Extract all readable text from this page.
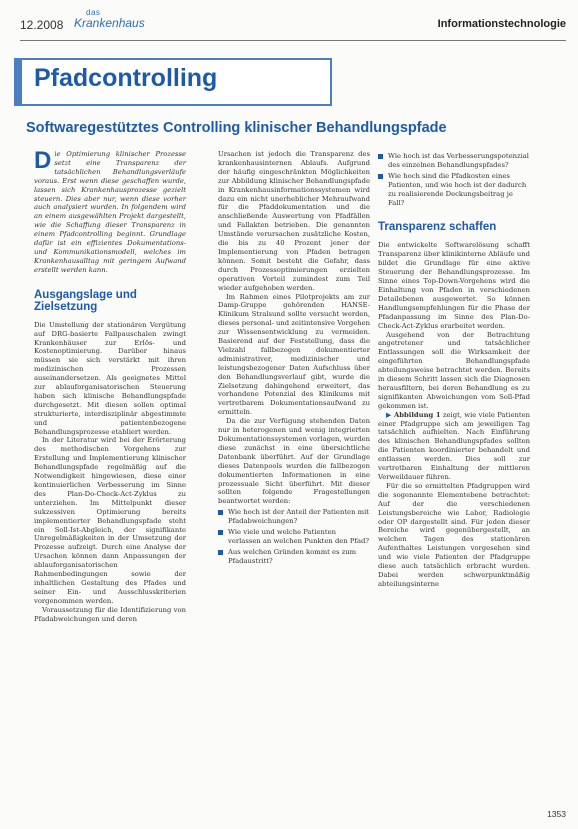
12.2008
das
Krankenhaus	Informationstechnologie
Pfadcontrolling
Softwaregestütztes Controlling klinischer Behandlungspfade

Die Optimierung klinischer Prozesse setzt eine Transparenz der tatsächlichen Behandlungsverläufe voraus. Erst wenn diese geschaffen wurde, lassen sich Krankenhausprozesse gezielt steuern. Dies aber nur, wenn diese vorher auch analysiert wurden. In folgendem wird an einem ausgewählten Projekt dargestellt, wie die Schaffung dieser Transparenz in einem Pfadcontrolling beginnt. Grundlage dafür ist ein effizientes Dokumentations- und Kommunikationsmodell, welches im Krankenhausalltag mit geringem Aufwand erstellt werden kann.

Ausgangslage und Zielsetzung

Die Umstellung der stationären Vergütung auf DRG-basierte Fallpauschalen zwingt Krankenhäuser zur Erlös- und Kostenoptimierung. Darüber hinaus müssen sie sich verstärkt mit ihren medizinischen Prozessen auseinandersetzen. Als geeignetes Mittel zur ablauforganisatorischen Steuerung haben sich klinische Behandlungspfade durchgesetzt. Mit diesen sollen optimal strukturierte, interdisziplinär abgestimmte und patientenbezogene Behandlungsprozesse etabliert werden.

In der Literatur wird bei der Erörterung des methodischen Vorgehens zur Erstellung und Implementierung klinischer Behandlungspfade regelmäßig auf die Notwendigkeit hingewiesen, diese einer kontinuierlichen Verbesserung im Sinne des Plan-Do-Check-Act-Zyklus zu unterziehen. Im Mittelpunkt dieser sukzessiven Optimierung bereits implementierter Behandlungspfade steht ein Soll-Ist-Abgleich, der signifikante Unregelmäßigkeiten in der Umsetzung der Prozesse aufzeigt. Durch eine Analyse der Ursachen können dann Anpassungen der ablauforganisatorischen Rahmenbedingungen sowie der inhaltlichen Gestaltung des Pfades und seiner Ein- und Ausschlusskriterien vorgenommen werden.

Voraussetzung für die Identifizierung von Pfadabweichungen und deren

Ursachen ist jedoch die Transparenz des krankenhausinternen Ablaufs. Aufgrund der häufig eingeschränkten Möglichkeiten zur Abbildung klinischer Behandlungspfade in Krankenhausinformationssystemen wird dazu ein nicht unerheblicher Mehraufwand für die Pfaddokumentation und die anschließende Auswertung von Pfadfällen und Fallakten betrieben. Die genannten Umstände verursachen zusätzliche Kosten, die bis zu 40 Prozent jener der Implementierung von Pfaden betragen können. Somit besteht die Gefahr, dass durch Prozessoptimierungen erzielten operativen Vorteil zumindest zum Teil wieder aufgehoben werden.

Im Rahmen eines Pilotprojekts am zur Damp-Gruppe gehörenden HANSE-Klinikum Stralsund sollte versucht werden, dieses personal- und zeitintensive Vorgehen zur Wissensentwicklung zu vermeiden. Basierend auf der Feststellung, dass die Vielzahl fallbezogen dokumentierter administrativer, medizinischer und leistungsbezogener Daten Aufschluss über den Behandlungsverlauf gibt, wurde die Zielsetzung dahingehend erweitert, das vorhandene Potenzial des Klinikums mit vertretbarem Dokumentationsaufwand zu ermitteln.

Da die zur Verfügung stehenden Daten nur in heterogenen und wenig integrierten Dokumentationssystemen vorlagen, wurden diese zunächst in eine übersichtliche Datenbank überführt. Auf der Grundlage dieses Datenpools wurden die fallbezogen dokumentierten Informationen in eine prozessuale Sicht überführt. Mit dieser sollten folgende Fragestellungen beantwortet werden:

Wie hoch ist der Anteil der Patienten mit Pfadabweichungen?
Wie viele und welche Patienten verlassen an welchen Punkten den Pfad?
Aus welchen Gründen kommt es zum Pfadaustritt?
Wie hoch ist das Verbesserungspotenzial des einzelnen Behandlungspfades?
Wie hoch sind die Pfadkosten eines Patienten, und wie hoch ist der dadurch zu realisierende Deckungsbeitrag je Fall?
Transparenz schaffen

Die entwickelte Softwarelösung schafft Transparenz über klinikinterne Abläufe und bildet die Grundlage für eine aktive Steuerung der Behandlungsprozesse. Im Sinne eines Top-Down-Vorgehens wird die Einhaltung von Pfaden in verschiedenen Detailebenen ausgewertet. So können Handlungsempfehlungen für die Phase der Pfadanpassung im Sinne des Plan-Do-Check-Act-Zyklus erarbeitet werden.

Ausgehend von der Betrachtung angetretener und tatsächlicher Entlassungen soll die Wirksamkeit der eingeführten Behandlungspfade abteilungsweise betrachtet werden. Bereits in diesem Schritt lassen sich die Diagnosen herausfiltern, bei deren Behandlung es zu signifikanten Abweichungen vom Soll-Pfad gekommen ist.

▶ Abbildung 1 zeigt, wie viele Patienten einer Pfadgruppe sich am jeweiligen Tag tatsächlich aufhielten. Nach Einführung des klinischen Behandlungspfades sollten die Patienten koordinierter behandelt und entlassen werden. Dies soll zur vertretbaren Einhaltung der mittleren Verweildauer führen.

Für die so ermittelten Pfadgruppen wird die sogenannte Elementebene betrachtet: Auf der die verschiedenen Leistungsbereiche wie Labor, Radiologie oder OP dargestellt sind. Für jeden dieser Bereiche wird gegenübergestellt, an welchen Tagen des stationären Aufenthaltes Leistungen vorgesehen sind und wie viele Patienten der Pfadgruppe diese auch tatsächlich erbracht wurden. Dabei werden schwerpunktmäßig abteilungsinterne

1353
